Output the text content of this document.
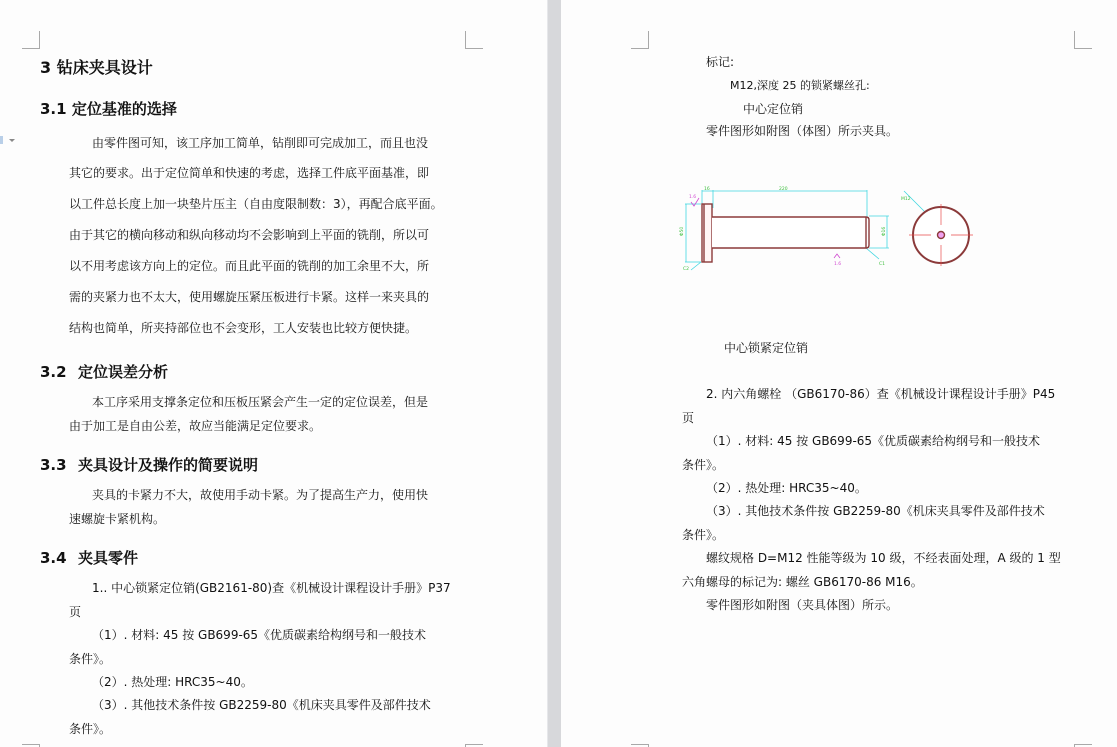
3 钻床夹具设计
3.1 定位基准的选择
由零件图可知，该工序加工简单，钻削即可完成加工，而且也没
其它的要求。出于定位简单和快速的考虑，选择工件底平面基准，即
以工件总长度上加一块垫片压主（自由度限制数：3），再配合底平面。
由于其它的横向移动和纵向移动均不会影响到上平面的铣削，所以可
以不用考虑该方向上的定位。而且此平面的铣削的加工余里不大，所
需的夹紧力也不太大，使用螺旋压紧压板进行卡紧。这样一来夹具的
结构也简单，所夹持部位也不会变形，工人安装也比较方便快捷。
3.2 定位误差分析
本工序采用支撑条定位和压板压紧会产生一定的定位误差，但是
由于加工是自由公差，故应当能满足定位要求。
3.3 夹具设计及操作的简要说明
夹具的卡紧力不大，故使用手动卡紧。为了提高生产力，使用快
速螺旋卡紧机构。
3.4 夹具零件
1.. 中心锁紧定位销(GB2161-80)查《机械设计课程设计手册》P37
页
（1）. 材料: 45 按 GB699-65《优质碳素给构纲号和一般技术
条件》。
（2）. 热处理: HRC35~40。
（3）. 其他技术条件按 GB2259-80《机床夹具零件及部件技术
条件》。
标记:
M12,深度 25 的锁紧螺丝孔:
中心定位销
零件图形如附图（体图）所示夹具。
16	220
Φ50	Φ16
C2
C1
M12
1.6
1.6
中心锁紧定位销
2. 内六角螺栓 （GB6170-86）查《机械设计课程设计手册》P45
页
（1）. 材料: 45 按 GB699-65《优质碳素给构纲号和一般技术
条件》。
（2）. 热处理: HRC35~40。
（3）. 其他技术条件按 GB2259-80《机床夹具零件及部件技术
条件》。
螺纹规格 D=M12 性能等级为 10 级，不经表面处理，A 级的 1 型
六角螺母的标记为: 螺丝 GB6170-86 M16。
零件图形如附图（夹具体图）所示。
